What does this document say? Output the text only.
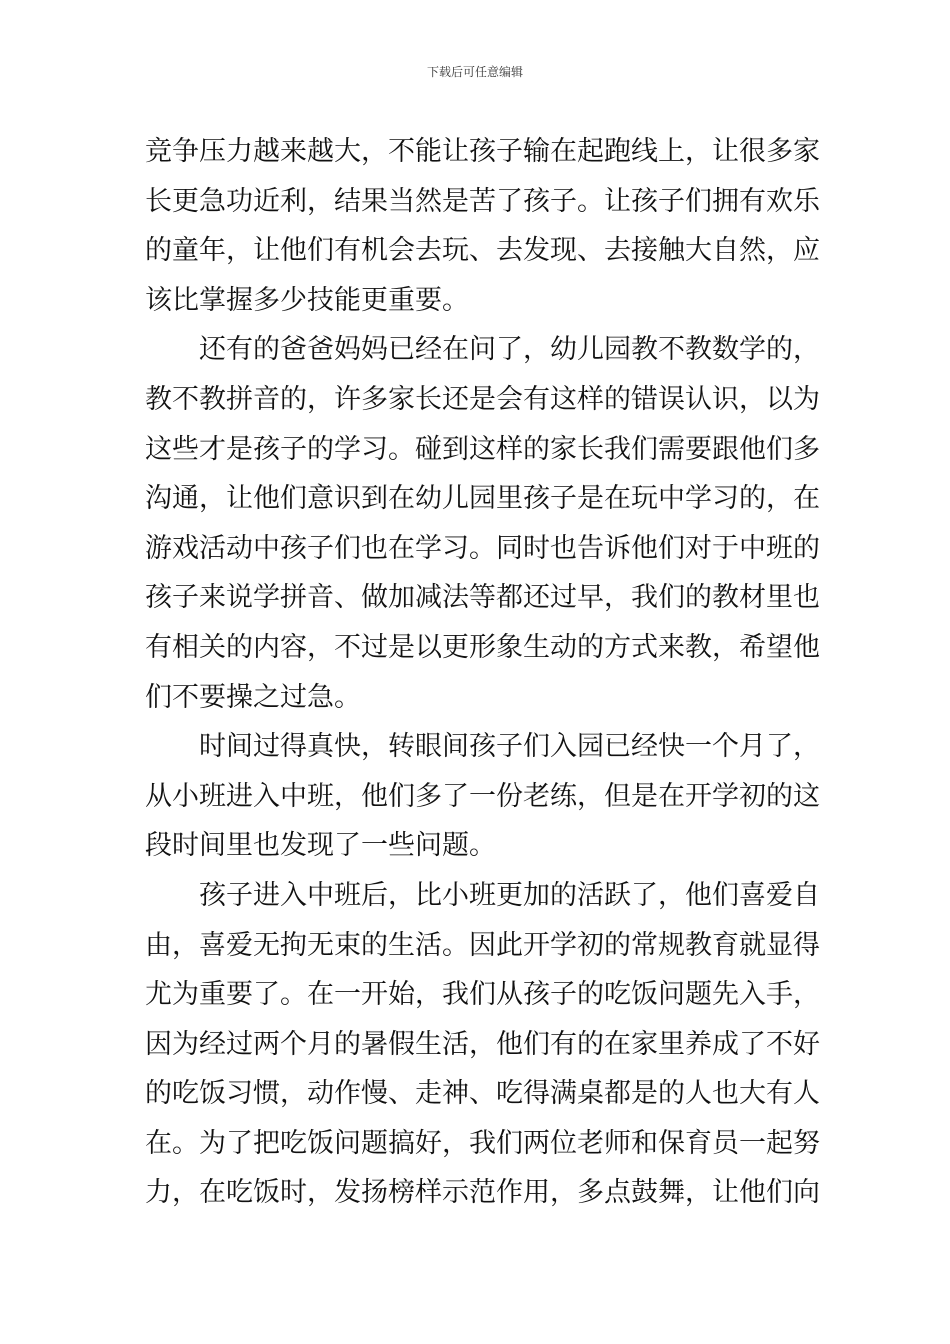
下载后可任意编辑
竞争压力越来越大，不能让孩子输在起跑线上，让很多家
长更急功近利，结果当然是苦了孩子。让孩子们拥有欢乐
的童年，让他们有机会去玩、去发现、去接触大自然，应
该比掌握多少技能更重要。
还有的爸爸妈妈已经在问了，幼儿园教不教数学的，
教不教拼音的，许多家长还是会有这样的错误认识，以为
这些才是孩子的学习。碰到这样的家长我们需要跟他们多
沟通，让他们意识到在幼儿园里孩子是在玩中学习的，在
游戏活动中孩子们也在学习。同时也告诉他们对于中班的
孩子来说学拼音、做加减法等都还过早，我们的教材里也
有相关的内容，不过是以更形象生动的方式来教，希望他
们不要操之过急。
时间过得真快，转眼间孩子们入园已经快一个月了，
从小班进入中班，他们多了一份老练，但是在开学初的这
段时间里也发现了一些问题。
孩子进入中班后，比小班更加的活跃了，他们喜爱自
由，喜爱无拘无束的生活。因此开学初的常规教育就显得
尤为重要了。在一开始，我们从孩子的吃饭问题先入手，
因为经过两个月的暑假生活，他们有的在家里养成了不好
的吃饭习惯，动作慢、走神、吃得满桌都是的人也大有人
在。为了把吃饭问题搞好，我们两位老师和保育员一起努
力，在吃饭时，发扬榜样示范作用，多点鼓舞，让他们向
